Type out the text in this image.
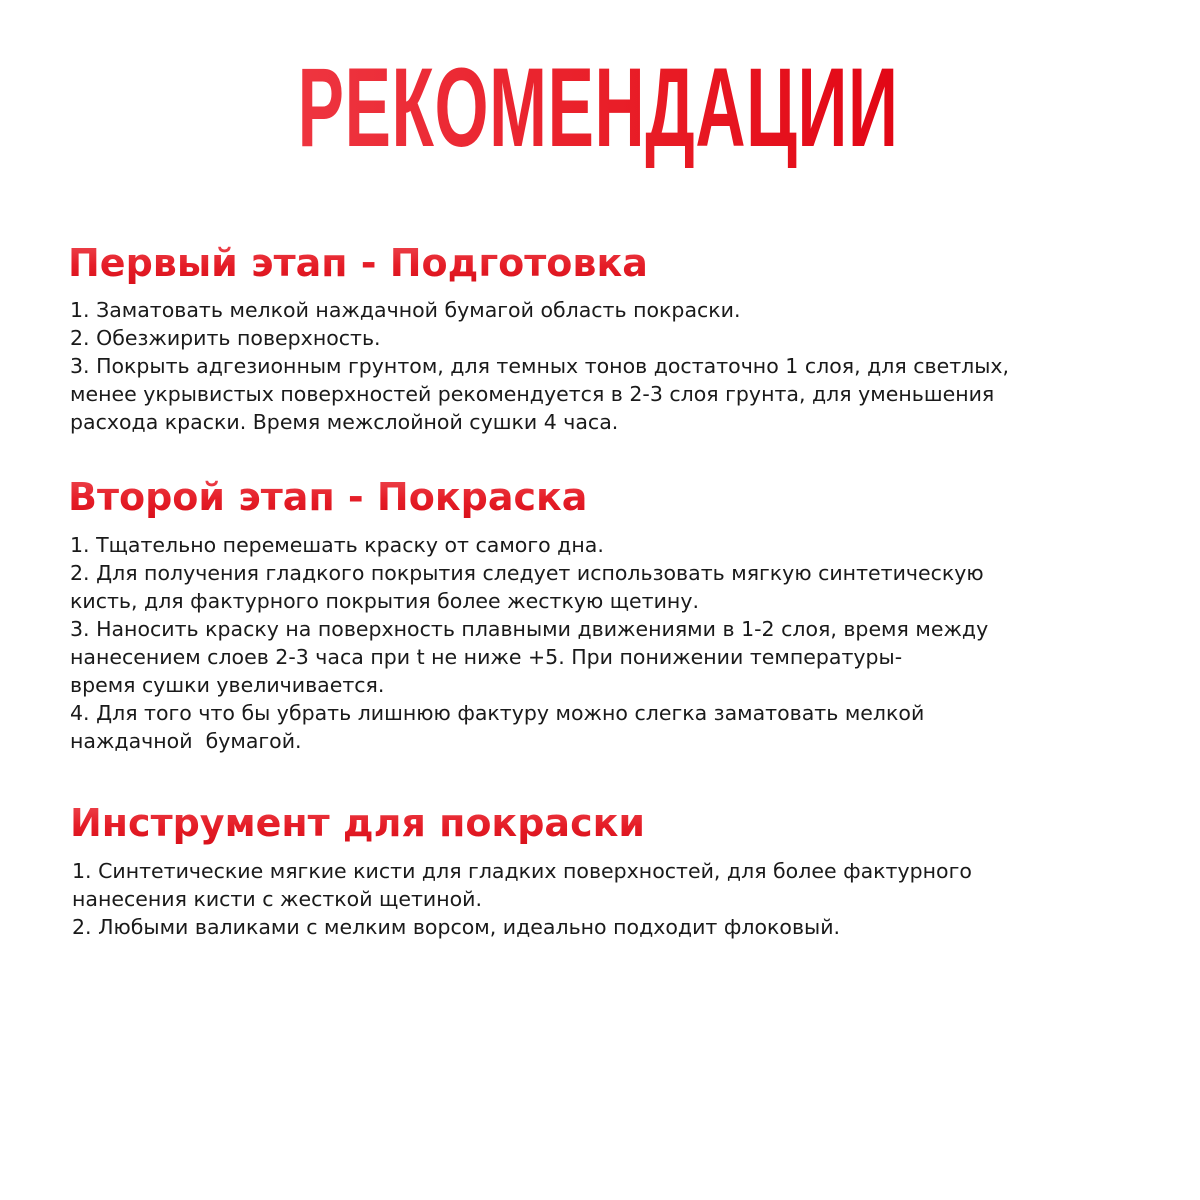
РЕКОМЕНДАЦИИ
Первый этап - Подготовка
1. Заматовать мелкой наждачной бумагой область покраски.
2. Обезжирить поверхность.
3. Покрыть адгезионным грунтом, для темных тонов достаточно 1 слоя, для светлых,
менее укрывистых поверхностей рекомендуется в 2-3 слоя грунта, для уменьшения
расхода краски. Время межслойной сушки 4 часа.
Второй этап - Покраска
1. Тщательно перемешать краску от самого дна.
2. Для получения гладкого покрытия следует использовать мягкую синтетическую
кисть, для фактурного покрытия более жесткую щетину.
3. Наносить краску на поверхность плавными движениями в 1-2 слоя, время между
нанесением слоев 2-3 часа при t не ниже +5. При понижении температуры-
время сушки увеличивается.
4. Для того что бы убрать лишнюю фактуру можно слегка заматовать мелкой
наждачной  бумагой.
Инструмент для покраски
1. Синтетические мягкие кисти для гладких поверхностей, для более фактурного
нанесения кисти с жесткой щетиной.
2. Любыми валиками с мелким ворсом, идеально подходит флоковый.
